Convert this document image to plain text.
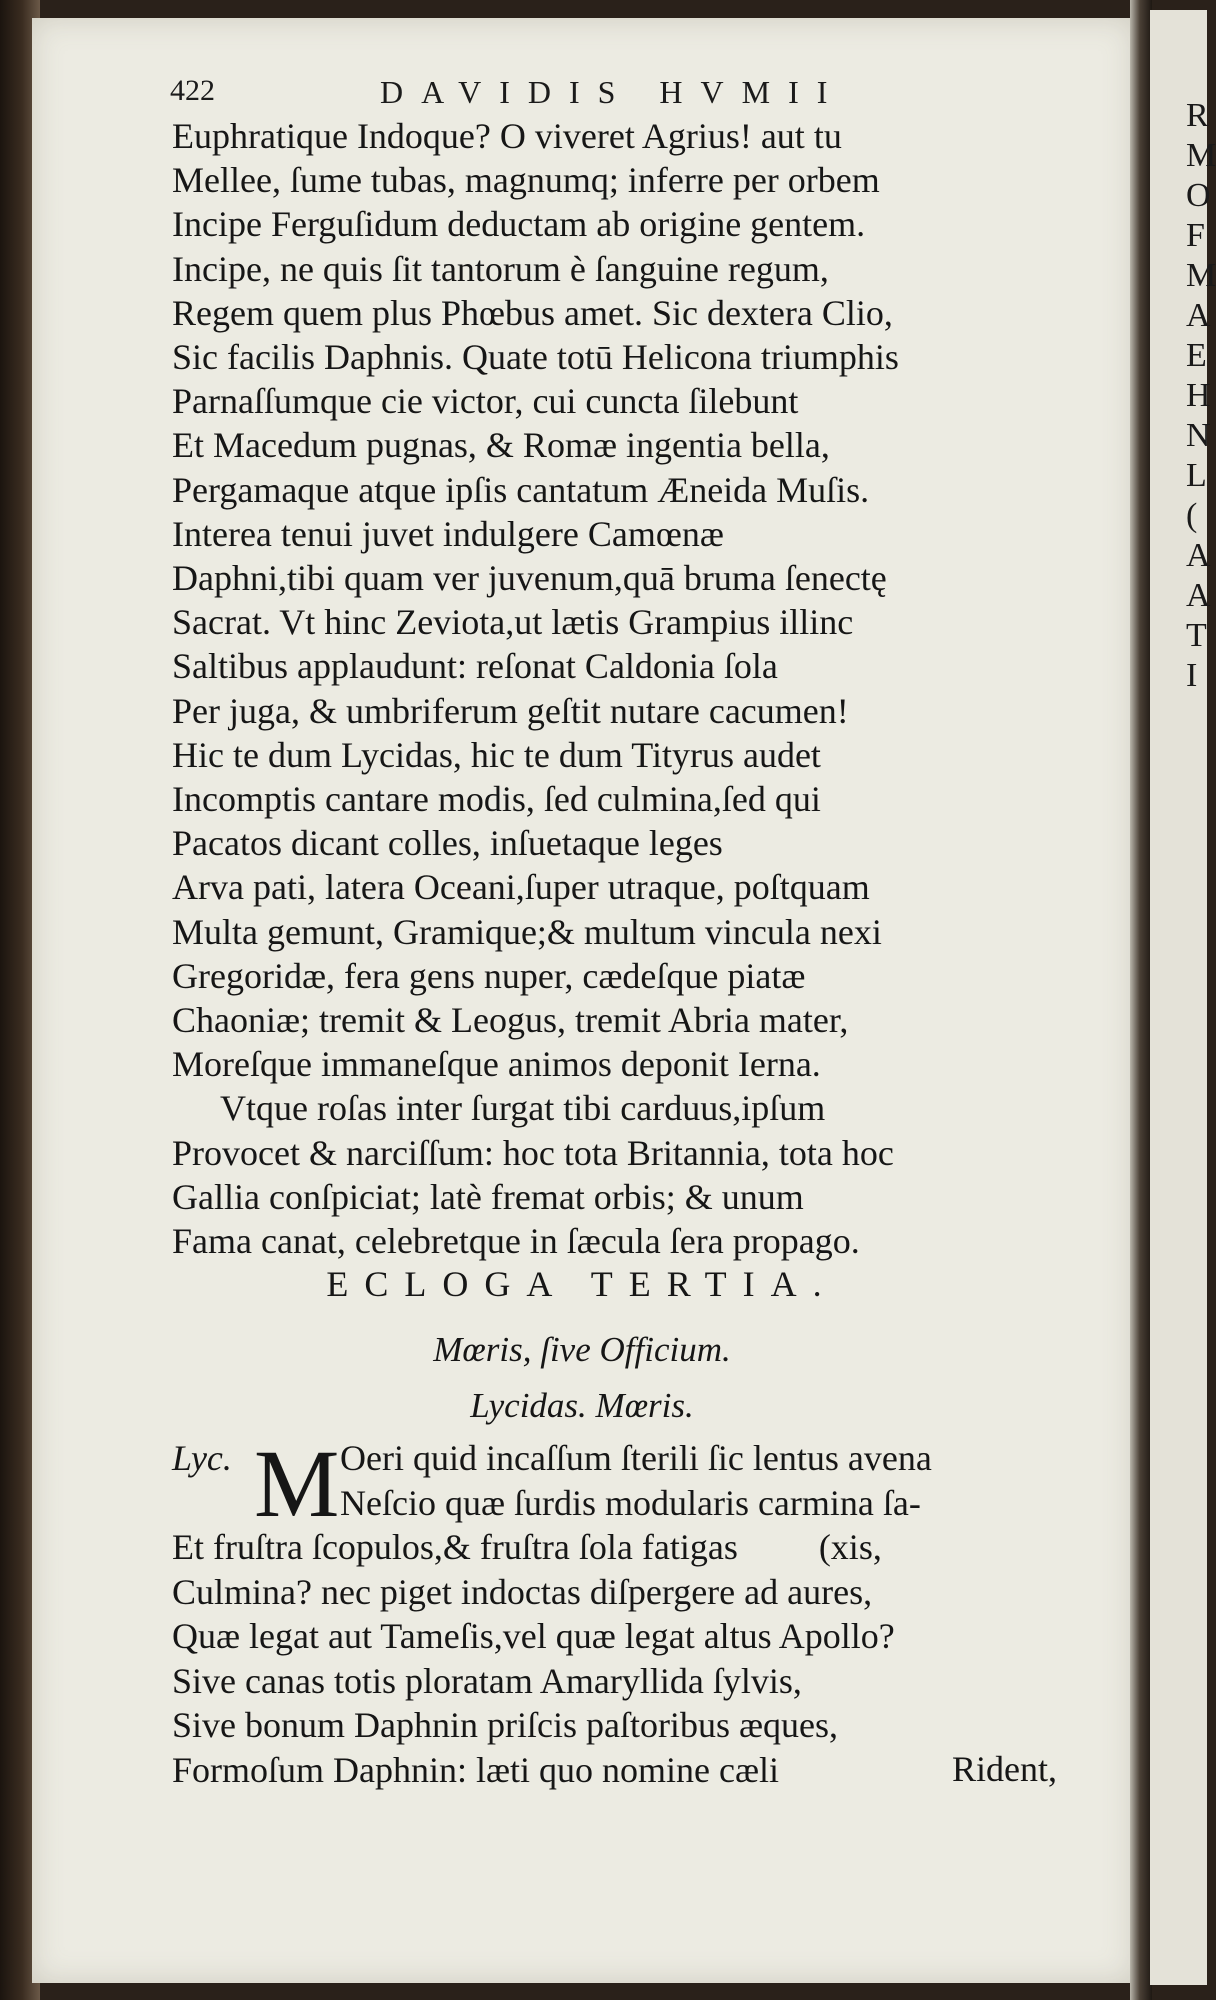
422	DAVIDIS HVMII
Euphratique Indoque? O viveret Agrius! aut tu
Mellee, ſume tubas, magnumq; inferre per orbem
Incipe Ferguſidum deductam ab origine gentem.
Incipe, ne quis ſit tantorum è ſanguine regum,
Regem quem plus Phœbus amet. Sic dextera Clio,
Sic facilis Daphnis. Quate totū Helicona triumphis
Parnaſſumque cie victor, cui cuncta ſilebunt
Et Macedum pugnas, & Romæ ingentia bella,
Pergamaque atque ipſis cantatum Æneida Muſis.
Interea tenui juvet indulgere Camœnæ
Daphni,tibi quam ver juvenum,quā bruma ſenectę
Sacrat. Vt hinc Zeviota,ut lætis Grampius illinc
Saltibus applaudunt: reſonat Caldonia ſola
Per juga, & umbriferum geſtit nutare cacumen!
Hic te dum Lycidas, hic te dum Tityrus audet
Incomptis cantare modis, ſed culmina,ſed qui
Pacatos dicant colles, inſuetaque leges
Arva pati, latera Oceani,ſuper utraque, poſtquam
Multa gemunt, Gramique;& multum vincula nexi
Gregoridæ, fera gens nuper, cædeſque piatæ
Chaoniæ; tremit & Leogus, tremit Abria mater,
Moreſque immaneſque animos deponit Ierna.
Vtque roſas inter ſurgat tibi carduus,ipſum
Provocet & narciſſum: hoc tota Britannia, tota hoc
Gallia conſpiciat; latè fremat orbis; & unum
Fama canat, celebretque in ſæcula ſera propago.
ECLOGA TERTIA.
Mœris, ſive Officium.
Lycidas. Mœris.
M
Lyc.	Oeri quid incaſſum ſterili ſic lentus avena
Neſcio quæ ſurdis modularis carmina ſa-
Et fruſtra ſcopulos,& fruſtra ſola fatigas         (xis,
Culmina? nec piget indoctas diſpergere ad aures,
Quæ legat aut Tameſis,vel quæ legat altus Apollo?
Sive canas totis ploratam Amaryllida ſylvis,
Sive bonum Daphnin priſcis paſtoribus æques,
Formoſum Daphnin: læti quo nomine cæli	Rident,
R
M
O
F
M
A
E
H
N
L
(
A
A
T
I
